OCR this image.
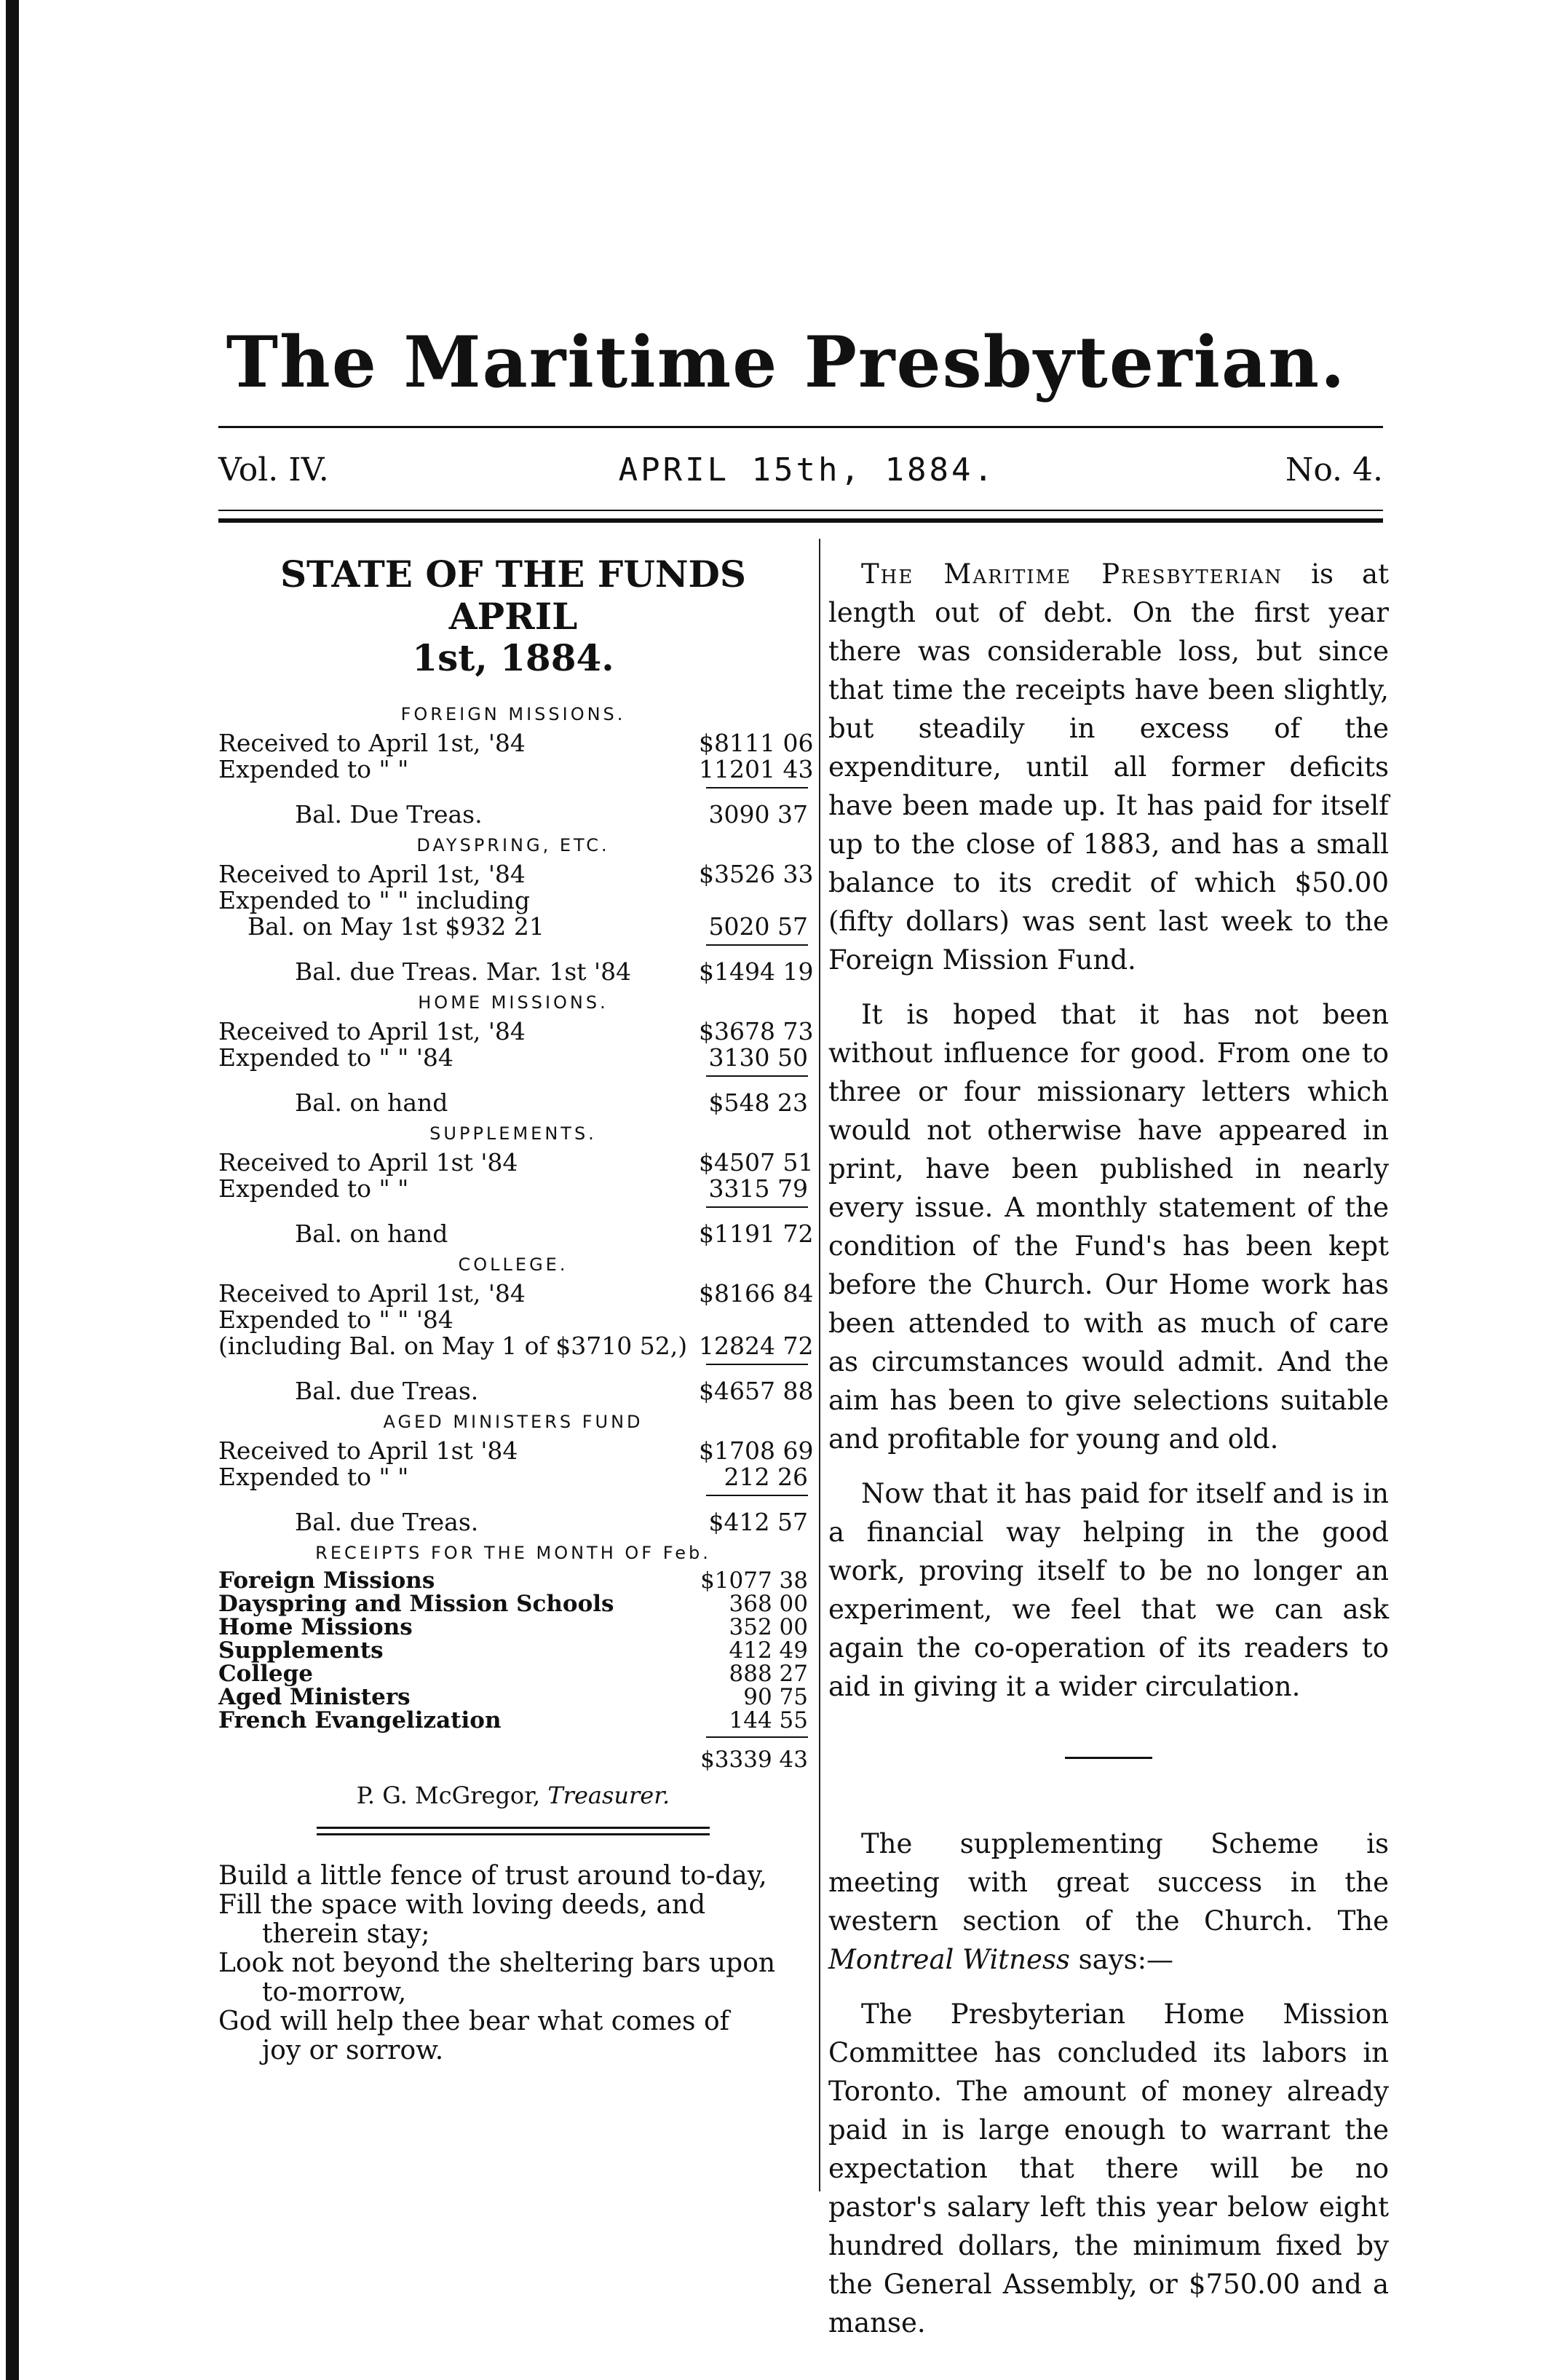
The Maritime Presbyterian.
Vol. IV.	APRIL 15th, 1884.	No. 4.
STATE OF THE FUNDS APRIL
1st, 1884.
FOREIGN MISSIONS.
Received to April 1st, '84	$8111 06
Expended to " "	11201 43
Bal. Due Treas.	3090 37
DAYSPRING, ETC.
Received to April 1st, '84	$3526 33
Expended to " " including
Bal. on May 1st $932 21	5020 57
Bal. due Treas. Mar. 1st '84	$1494 19
HOME MISSIONS.
Received to April 1st, '84	$3678 73
Expended to " " '84	3130 50
Bal. on hand	$548 23
SUPPLEMENTS.
Received to April 1st '84	$4507 51
Expended to " "	3315 79
Bal. on hand	$1191 72
COLLEGE.
Received to April 1st, '84	$8166 84
Expended to " " '84
(including Bal. on May 1 of $3710 52,) 12824 72
Bal. due Treas.	$4657 88
AGED MINISTERS FUND
Received to April 1st '84	$1708 69
Expended to " "	212 26
Bal. due Treas.	$412 57
RECEIPTS FOR THE MONTH OF Feb.
Foreign Missions	$1077 38
Dayspring and Mission Schools	368 00
Home Missions	352 00
Supplements	412 49
College	888 27
Aged Ministers	90 75
French Evangelization	144 55
$3339 43
P. G. McGregor, Treasurer.

Build a little fence of trust around to-day,

Fill the space with loving deeds, and

therein stay;

Look not beyond the sheltering bars upon

to-morrow,

God will help thee bear what comes of

joy or sorrow.

The Maritime Presbyterian is at length out of debt. On the first year there was considerable loss, but since that time the receipts have been slightly, but steadily in excess of the expenditure, until all former deficits have been made up. It has paid for itself up to the close of 1883, and has a small balance to its credit of which $50.00 (fifty dollars) was sent last week to the Foreign Mission Fund.

It is hoped that it has not been without influence for good. From one to three or four missionary letters which would not otherwise have appeared in print, have been published in nearly every issue. A monthly statement of the condition of the Fund's has been kept before the Church. Our Home work has been attended to with as much of care as circumstances would admit. And the aim has been to give selections suitable and profitable for young and old.

Now that it has paid for itself and is in a financial way helping in the good work, proving itself to be no longer an experiment, we feel that we can ask again the co-operation of its readers to aid in giving it a wider circulation.

The supplementing Scheme is meeting with great success in the western section of the Church. The Montreal Witness says:—

The Presbyterian Home Mission Committee has concluded its labors in Toronto. The amount of money already paid in is large enough to warrant the expectation that there will be no pastor's salary left this year below eight hundred dollars, the minimum fixed by the General Assembly, or $750.00 and a manse.
